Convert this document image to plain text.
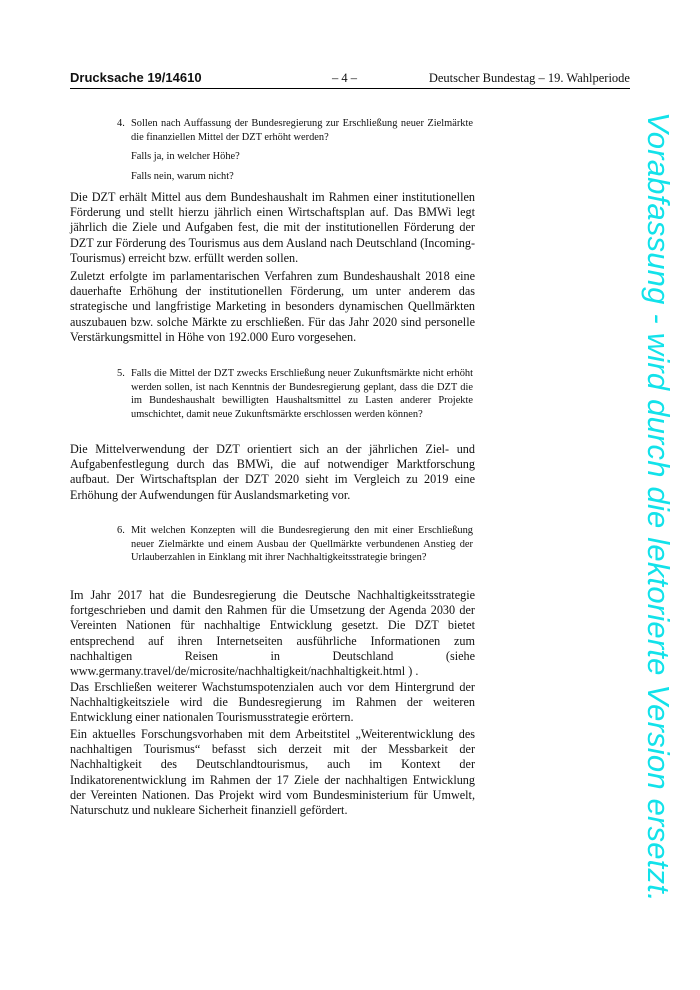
Drucksache 19/14610	– 4 –	Deutscher Bundestag – 19. Wahlperiode
4. Sollen nach Auffassung der Bundesregierung zur Erschließung neuer Zielmärkte die finanziellen Mittel der DZT erhöht werden?
Falls ja, in welcher Höhe?
Falls nein, warum nicht?

Die DZT erhält Mittel aus dem Bundeshaushalt im Rahmen einer institutionellen Förderung und stellt hierzu jährlich einen Wirtschaftsplan auf. Das BMWi legt jährlich die Ziele und Aufgaben fest, die mit der institutionellen Förderung der DZT zur Förderung des Tourismus aus dem Ausland nach Deutschland (Incoming-Tourismus) erreicht bzw. erfüllt werden sollen.

Zuletzt erfolgte im parlamentarischen Verfahren zum Bundeshaushalt 2018 eine dauerhafte Erhöhung der institutionellen Förderung, um unter anderem das strategische und langfristige Marketing in besonders dynamischen Quellmärkten auszubauen bzw. solche Märkte zu erschließen. Für das Jahr 2020 sind personelle Verstärkungsmittel in Höhe von 192.000 Euro vorgesehen.

5. Falls die Mittel der DZT zwecks Erschließung neuer Zukunftsmärkte nicht erhöht werden sollen, ist nach Kenntnis der Bundesregierung geplant, dass die DZT die im Bundeshaushalt bewilligten Haushaltsmittel zu Lasten anderer Projekte umschichtet, damit neue Zukunftsmärkte erschlossen werden können?

Die Mittelverwendung der DZT orientiert sich an der jährlichen Ziel- und Aufgabenfestlegung durch das BMWi, die auf notwendiger Marktforschung aufbaut. Der Wirtschaftsplan der DZT 2020 sieht im Vergleich zu 2019 eine Erhöhung der Aufwendungen für Auslandsmarketing vor.

6. Mit welchen Konzepten will die Bundesregierung den mit einer Erschließung neuer Zielmärkte und einem Ausbau der Quellmärkte verbundenen Anstieg der Urlauberzahlen in Einklang mit ihrer Nachhaltigkeitsstrategie bringen?

Im Jahr 2017 hat die Bundesregierung die Deutsche Nachhaltigkeitsstrategie fortgeschrieben und damit den Rahmen für die Umsetzung der Agenda 2030 der Vereinten Nationen für nachhaltige Entwicklung gesetzt. Die DZT bietet entsprechend auf ihren Internetseiten ausführliche Informationen zum nachhaltigen Reisen in Deutschland (siehe www.germany.travel/de/microsite/nachhaltigkeit/nachhaltigkeit.html ) .

Das Erschließen weiterer Wachstumspotenzialen auch vor dem Hintergrund der Nachhaltigkeitsziele wird die Bundesregierung im Rahmen der weiteren Entwicklung einer nationalen Tourismusstrategie erörtern.

Ein aktuelles Forschungsvorhaben mit dem Arbeitstitel „Weiterentwicklung des nachhaltigen Tourismus“ befasst sich derzeit mit der Messbarkeit der Nachhaltigkeit des Deutschlandtourismus, auch im Kontext der Indikatorenentwicklung im Rahmen der 17 Ziele der nachhaltigen Entwicklung der Vereinten Nationen. Das Projekt wird vom Bundesministerium für Umwelt, Naturschutz und nukleare Sicherheit finanziell gefördert.	Vorabfassung - wird durch die lektorierte Version ersetzt.
